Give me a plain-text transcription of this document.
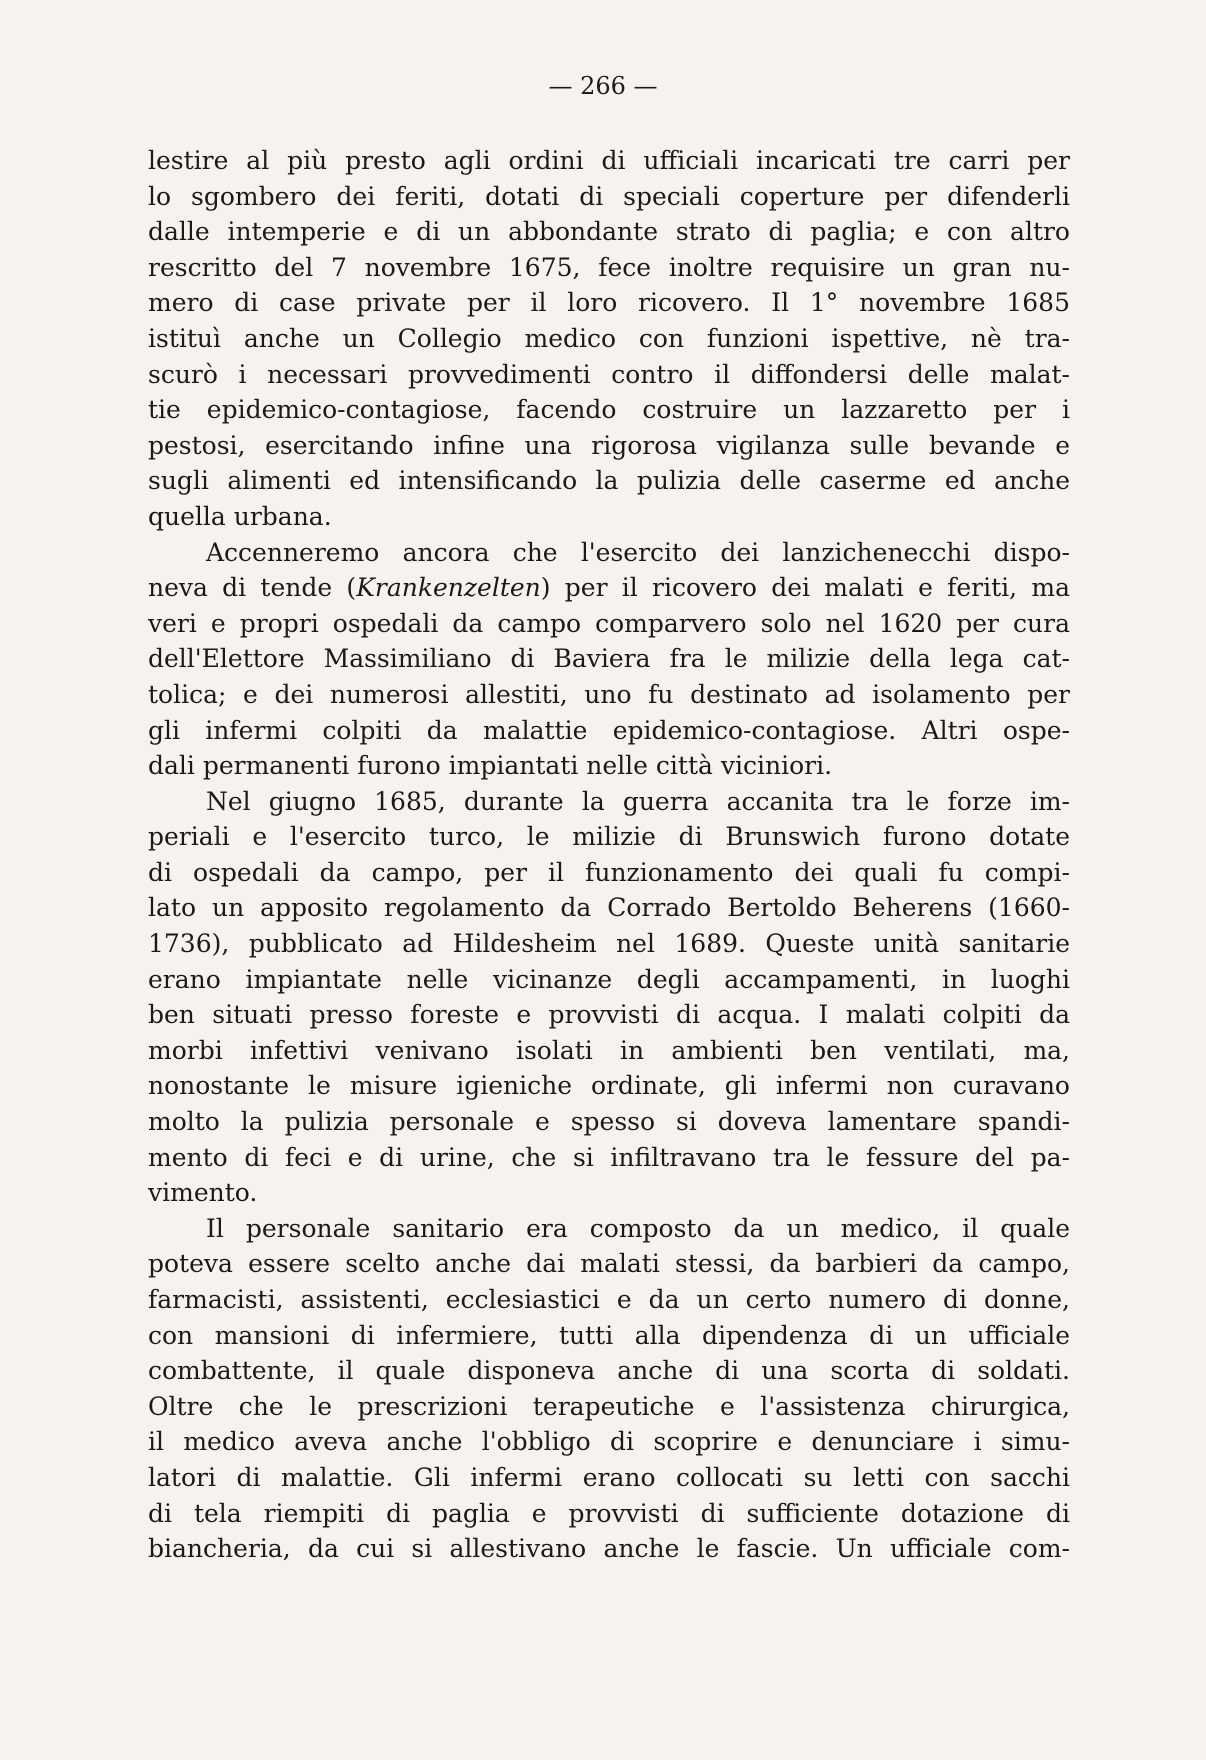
— 266 —

lestire al più presto agli ordini di ufficiali incaricati tre carri per
lo sgombero dei feriti, dotati di speciali coperture per difenderli
dalle intemperie e di un abbondante strato di paglia; e con altro
rescritto del 7 novembre 1675, fece inoltre requisire un gran nu-
mero di case private per il loro ricovero. Il 1° novembre 1685
istituì anche un Collegio medico con funzioni ispettive, nè tra-
scurò i necessari provvedimenti contro il diffondersi delle malat-
tie epidemico-contagiose, facendo costruire un lazzaretto per i
pestosi, esercitando infine una rigorosa vigilanza sulle bevande e
sugli alimenti ed intensificando la pulizia delle caserme ed anche
quella urbana.

Accenneremo ancora che l'esercito dei lanzichenecchi dispo-
neva di tende (Krankenzelten) per il ricovero dei malati e feriti, ma
veri e propri ospedali da campo comparvero solo nel 1620 per cura
dell'Elettore Massimiliano di Baviera fra le milizie della lega cat-
tolica; e dei numerosi allestiti, uno fu destinato ad isolamento per
gli infermi colpiti da malattie epidemico-contagiose. Altri ospe-
dali permanenti furono impiantati nelle città viciniori.

Nel giugno 1685, durante la guerra accanita tra le forze im-
periali e l'esercito turco, le milizie di Brunswich furono dotate
di ospedali da campo, per il funzionamento dei quali fu compi-
lato un apposito regolamento da Corrado Bertoldo Beherens (1660-
1736), pubblicato ad Hildesheim nel 1689. Queste unità sanitarie
erano impiantate nelle vicinanze degli accampamenti, in luoghi
ben situati presso foreste e provvisti di acqua. I malati colpiti da
morbi infettivi venivano isolati in ambienti ben ventilati, ma,
nonostante le misure igieniche ordinate, gli infermi non curavano
molto la pulizia personale e spesso si doveva lamentare spandi-
mento di feci e di urine, che si infiltravano tra le fessure del pa-
vimento.

Il personale sanitario era composto da un medico, il quale
poteva essere scelto anche dai malati stessi, da barbieri da campo,
farmacisti, assistenti, ecclesiastici e da un certo numero di donne,
con mansioni di infermiere, tutti alla dipendenza di un ufficiale
combattente, il quale disponeva anche di una scorta di soldati.
Oltre che le prescrizioni terapeutiche e l'assistenza chirurgica,
il medico aveva anche l'obbligo di scoprire e denunciare i simu-
latori di malattie. Gli infermi erano collocati su letti con sacchi
di tela riempiti di paglia e provvisti di sufficiente dotazione di
biancheria, da cui si allestivano anche le fascie. Un ufficiale com-
